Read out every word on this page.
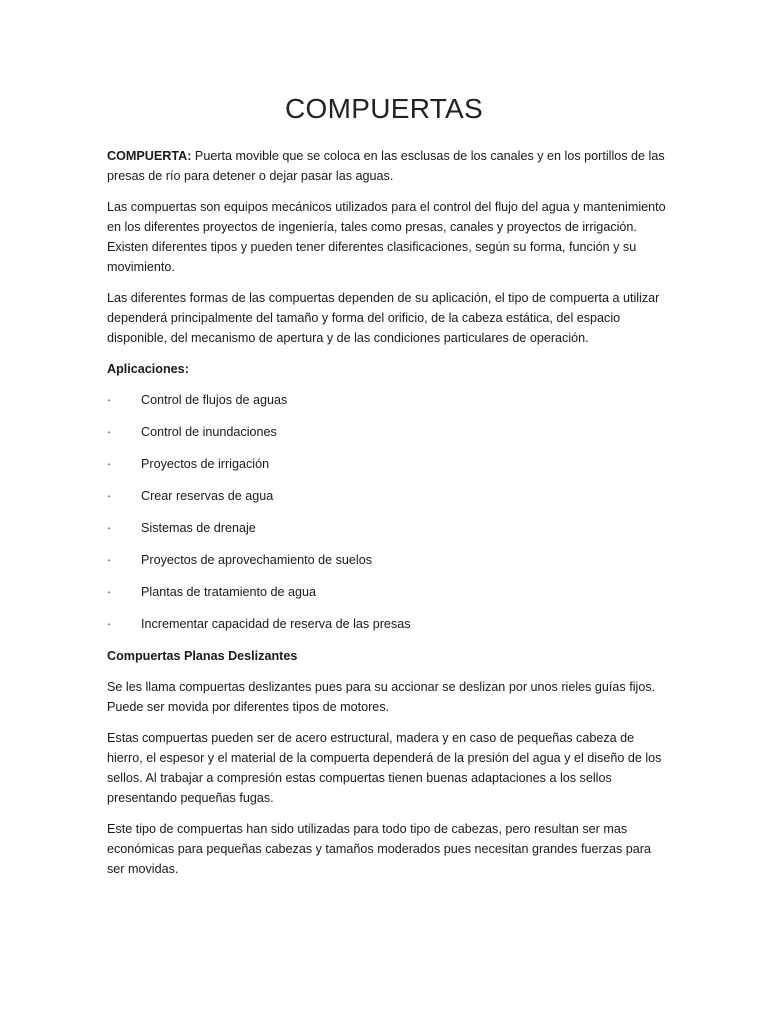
COMPUERTAS

COMPUERTA: Puerta movible que se coloca en las esclusas de los canales y en los portillos de las presas de río para detener o dejar pasar las aguas.

Las compuertas son equipos mecánicos utilizados para el control del flujo del agua y mantenimiento en los diferentes proyectos de ingeniería, tales como presas, canales y proyectos de irrigación. Existen diferentes tipos y pueden tener diferentes clasificaciones, según su forma, función y su movimiento.

Las diferentes formas de las compuertas dependen de su aplicación, el tipo de compuerta a utilizar dependerá principalmente del tamaño y forma del orificio, de la cabeza estática, del espacio disponible, del mecanismo de apertura y de las condiciones particulares de operación.

Aplicaciones:

·	Control de flujos de aguas
·	Control de inundaciones
·	Proyectos de irrigación
·	Crear reservas de agua
·	Sistemas de drenaje
·	Proyectos de aprovechamiento de suelos
·	Plantas de tratamiento de agua
·	Incrementar capacidad de reserva de las presas

Compuertas Planas Deslizantes

Se les llama compuertas deslizantes pues para su accionar se deslizan por unos rieles guías fijos. Puede ser movida por diferentes tipos de motores.

Estas compuertas pueden ser de acero estructural, madera y en caso de pequeñas cabeza de hierro, el espesor y el material de la compuerta dependerá de la presión del agua y el diseño de los sellos. Al trabajar a compresión estas compuertas tienen buenas adaptaciones a los sellos presentando pequeñas fugas.

Este tipo de compuertas han sido utilizadas para todo tipo de cabezas, pero resultan ser mas económicas para pequeñas cabezas y tamaños moderados pues necesitan grandes fuerzas para ser movidas.
